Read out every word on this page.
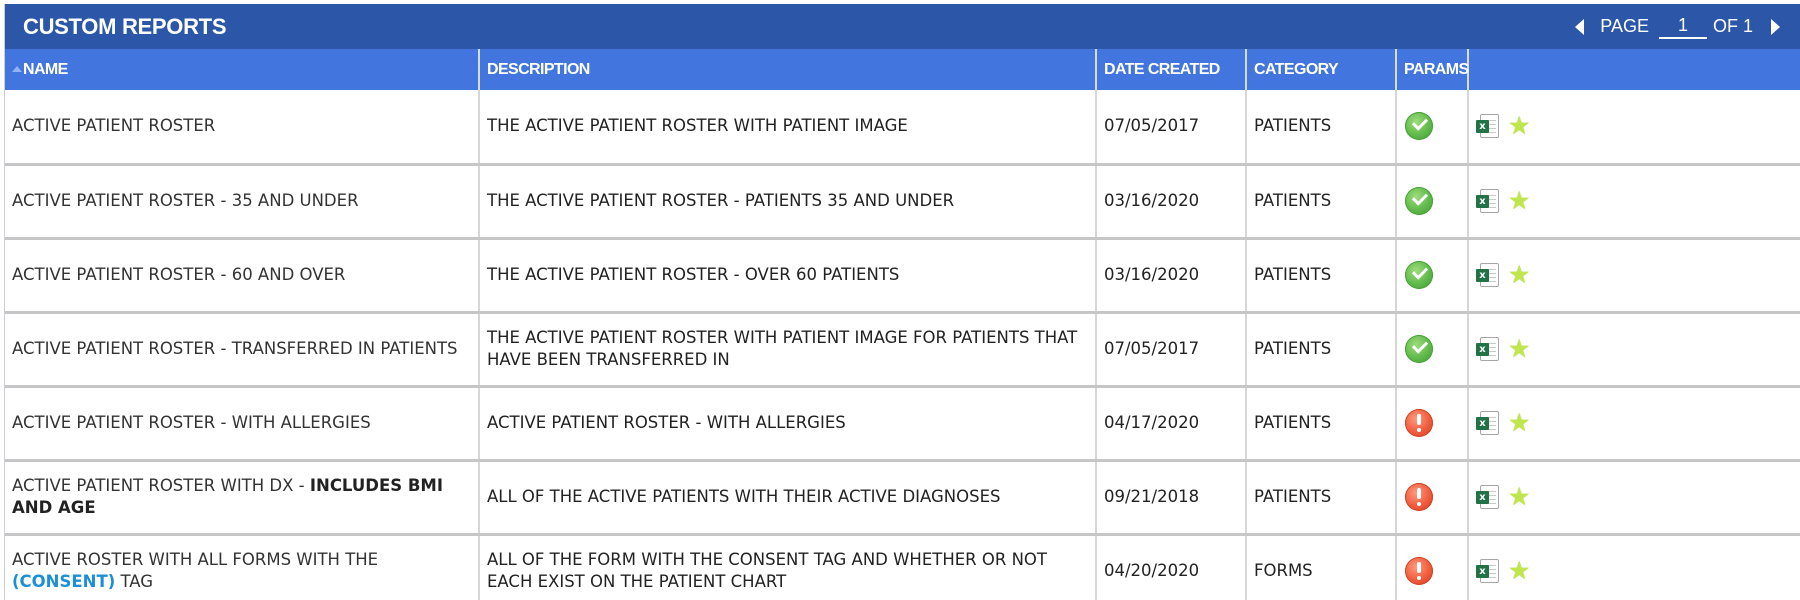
CUSTOM REPORTS	PAGE
1	OF 1
NAME	DESCRIPTION	DATE CREATED	CATEGORY	PARAMS	
ACTIVE PATIENT ROSTER	THE ACTIVE PATIENT ROSTER WITH PATIENT IMAGE	07/05/2017	PATIENTS		x ★

ACTIVE PATIENT ROSTER - 35 AND UNDER	THE ACTIVE PATIENT ROSTER - PATIENTS 35 AND UNDER	03/16/2020	PATIENTS		x ★

ACTIVE PATIENT ROSTER - 60 AND OVER	THE ACTIVE PATIENT ROSTER - OVER 60 PATIENTS	03/16/2020	PATIENTS		x ★

ACTIVE PATIENT ROSTER - TRANSFERRED IN PATIENTS	THE ACTIVE PATIENT ROSTER WITH PATIENT IMAGE FOR PATIENTS THAT HAVE BEEN TRANSFERRED IN	07/05/2017	PATIENTS		x ★

ACTIVE PATIENT ROSTER - WITH ALLERGIES	ACTIVE PATIENT ROSTER - WITH ALLERGIES	04/17/2020	PATIENTS		x ★

ACTIVE PATIENT ROSTER WITH DX - INCLUDES BMI AND AGE	ALL OF THE ACTIVE PATIENTS WITH THEIR ACTIVE DIAGNOSES	09/21/2018	PATIENTS		x ★

ACTIVE ROSTER WITH ALL FORMS WITH THE (CONSENT) TAG	ALL OF THE FORM WITH THE CONSENT TAG AND WHETHER OR NOT EACH EXIST ON THE PATIENT CHART	04/20/2020	FORMS		x ★
